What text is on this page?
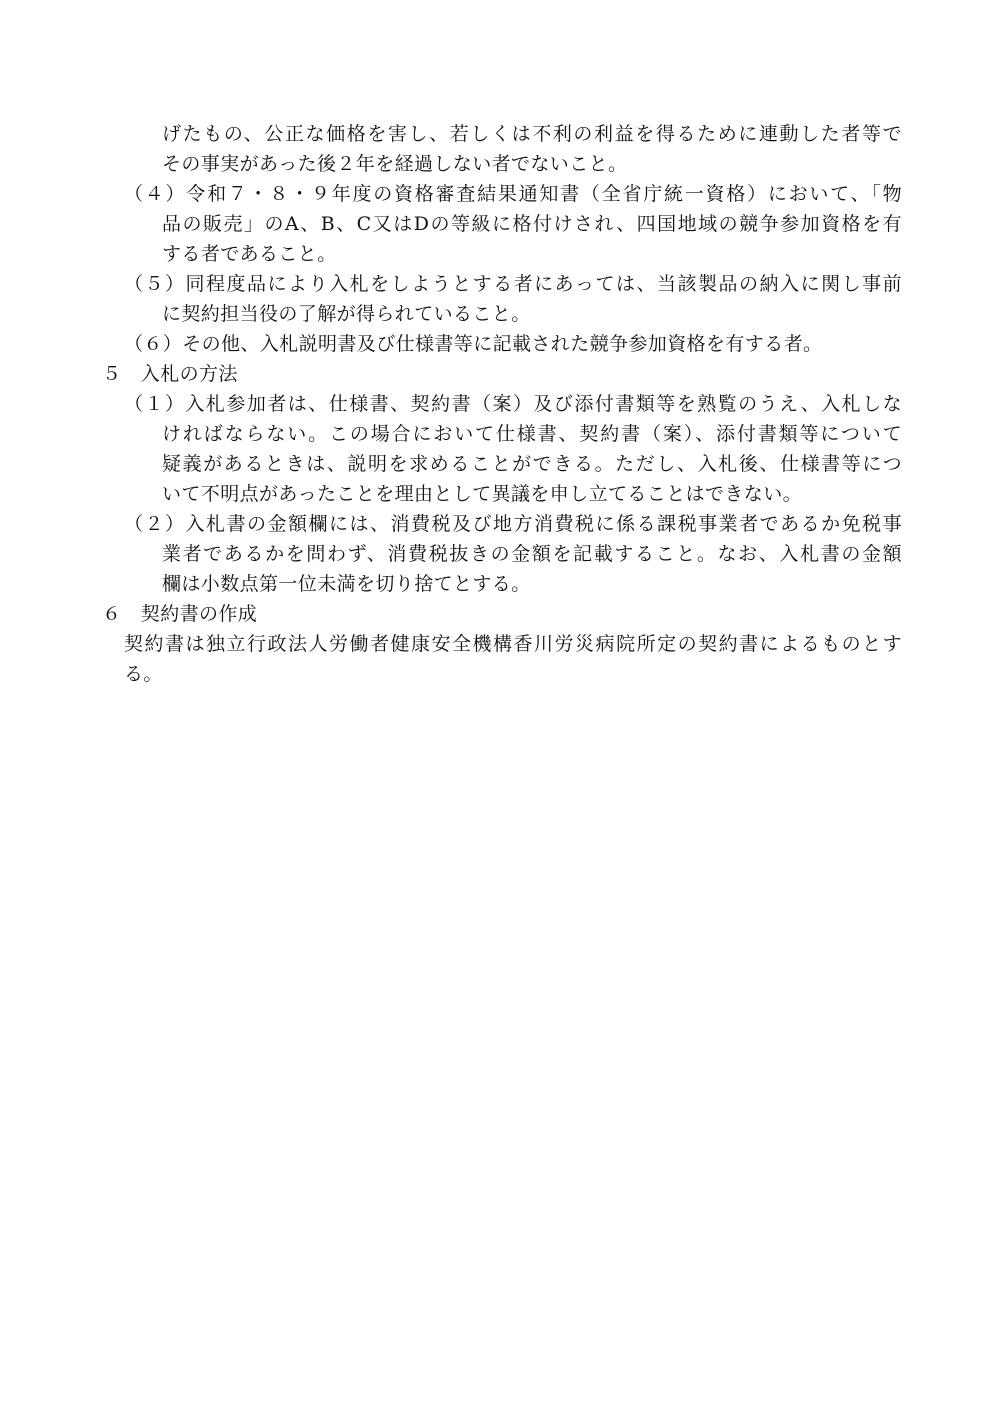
げたもの、公正な価格を害し、若しくは不利の利益を得るために連動した者等で
その事実があった後２年を経過しない者でないこと。
（４）令和７・８・９年度の資格審査結果通知書（全省庁統一資格）において、「物
品の販売」のA、B、C又はDの等級に格付けされ、四国地域の競争参加資格を有
する者であること。
（５）同程度品により入札をしようとする者にあっては、当該製品の納入に関し事前
に契約担当役の了解が得られていること。
（６）その他、入札説明書及び仕様書等に記載された競争参加資格を有する者。
５　入札の方法
（１）入札参加者は、仕様書、契約書（案）及び添付書類等を熟覧のうえ、入札しな
ければならない。この場合において仕様書、契約書（案）、添付書類等について
疑義があるときは、説明を求めることができる。ただし、入札後、仕様書等につ
いて不明点があったことを理由として異議を申し立てることはできない。
（２）入札書の金額欄には、消費税及び地方消費税に係る課税事業者であるか免税事
業者であるかを問わず、消費税抜きの金額を記載すること。なお、入札書の金額
欄は小数点第一位未満を切り捨てとする。
６　契約書の作成
契約書は独立行政法人労働者健康安全機構香川労災病院所定の契約書によるものとす
る。
